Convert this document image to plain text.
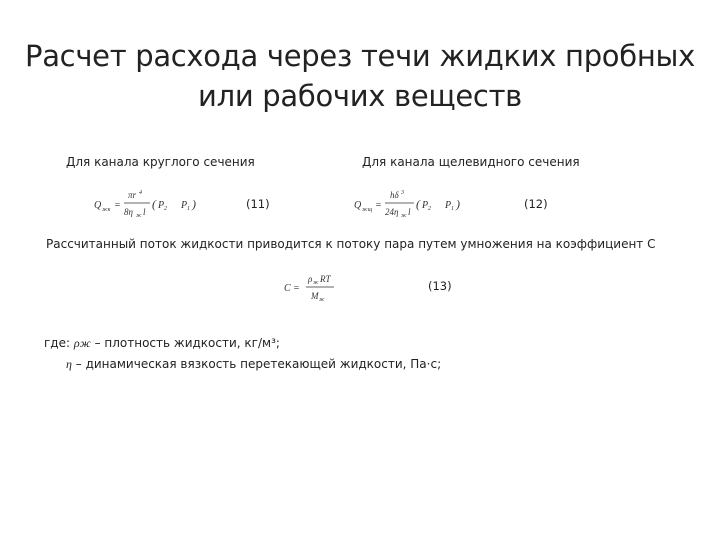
Расчет расхода через течи жидких пробных
или рабочих веществ
Для канала круглого сечения	Для канала щелевидного сечения
Q жк =
πr 4
8η ж l
( P 2 P 1 )	(11)	Q жщ =
hδ 3
24η ж l
( P 2 P 1 )	(12)
Рассчитанный поток жидкости приводится к потоку пара путем умножения на коэффициент С
C =
ρ ж RT
M ж
(13)
где: ρж – плотность жидкости, кг/м³;
η – динамическая вязкость перетекающей жидкости, Па·с;
